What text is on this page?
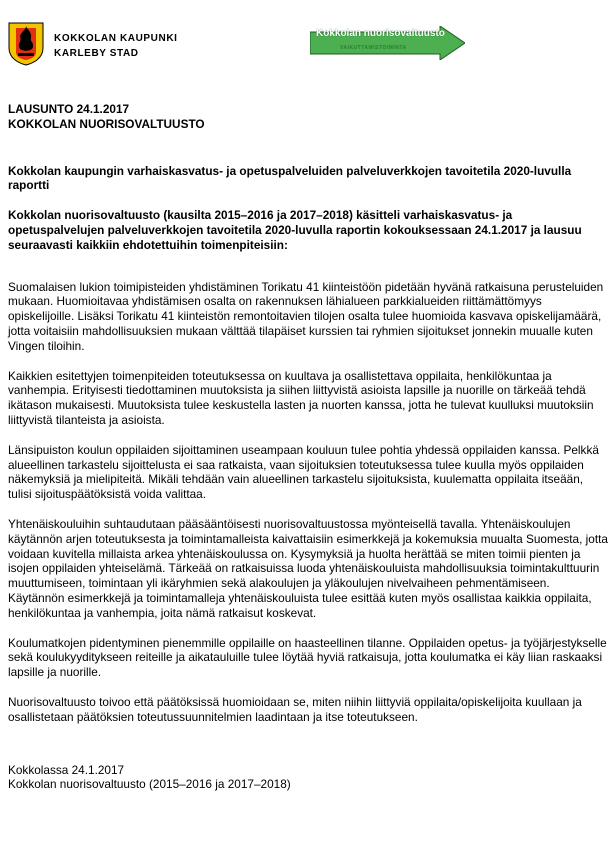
KOKKOLAN KAUPUNKI
KARLEBY STAD
Kokkolan nuorisovaltuusto
VAIKUTTAMISTOIMINTA

LAUSUNTO 24.1.2017

KOKKOLAN NUORISOVALTUUSTO

Kokkolan kaupungin varhaiskasvatus- ja opetuspalveluiden palveluverkkojen tavoitetila 2020-luvulla raportti

Kokkolan nuorisovaltuusto (kausilta 2015–2016 ja 2017–2018) käsitteli varhaiskasvatus- ja opetuspalvelujen palveluverkkojen tavoitetila 2020-luvulla raportin kokouksessaan 24.1.2017 ja lausuu seuraavasti kaikkiin ehdotettuihin toimenpiteisiin:

Suomalaisen lukion toimipisteiden yhdistäminen Torikatu 41 kiinteistöön pidetään hyvänä ratkaisuna perusteluiden mukaan. Huomioitavaa yhdistämisen osalta on rakennuksen lähialueen parkkialueiden riittämättömyys opiskelijoille. Lisäksi Torikatu 41 kiinteistön remontoitavien tilojen osalta tulee huomioida kasvava opiskelijamäärä, jotta voitaisiin mahdollisuuksien mukaan välttää tilapäiset kurssien tai ryhmien sijoitukset jonnekin muualle kuten Vingen tiloihin.

Kaikkien esitettyjen toimenpiteiden toteutuksessa on kuultava ja osallistettava oppilaita, henkilökuntaa ja vanhempia. Erityisesti tiedottaminen muutoksista ja siihen liittyvistä asioista lapsille ja nuorille on tärkeää tehdä ikätason mukaisesti. Muutoksista tulee keskustella lasten ja nuorten kanssa, jotta he tulevat kuulluksi muutoksiin liittyvistä tilanteista ja asioista.

Länsipuiston koulun oppilaiden sijoittaminen useampaan kouluun tulee pohtia yhdessä oppilaiden kanssa. Pelkkä alueellinen tarkastelu sijoittelusta ei saa ratkaista, vaan sijoituksien toteutuksessa tulee kuulla myös oppilaiden näkemyksiä ja mielipiteitä. Mikäli tehdään vain alueellinen tarkastelu sijoituksista, kuulematta oppilaita itseään, tulisi sijoituspäätöksistä voida valittaa.

Yhtenäiskouluihin suhtaudutaan pääsääntöisesti nuorisovaltuustossa myönteisellä tavalla. Yhtenäiskoulujen käytännön arjen toteutuksesta ja toimintamalleista kaivattaisiin esimerkkejä ja kokemuksia muualta Suomesta, jotta voidaan kuvitella millaista arkea yhtenäiskoulussa on. Kysymyksiä ja huolta herättää se miten toimii pienten ja isojen oppilaiden yhteiselämä. Tärkeää on ratkaisuissa luoda yhtenäiskouluista mahdollisuuksia toimintakulttuurin muuttumiseen, toimintaan yli ikäryhmien sekä alakoulujen ja yläkoulujen nivelvaiheen pehmentämiseen. Käytännön esimerkkejä ja toimintamalleja yhtenäiskouluista tulee esittää kuten myös osallistaa kaikkia oppilaita, henkilökuntaa ja vanhempia, joita nämä ratkaisut koskevat.

Koulumatkojen pidentyminen pienemmille oppilaille on haasteellinen tilanne. Oppilaiden opetus- ja työjärjestykselle sekä koulukyyditykseen reiteille ja aikatauluille tulee löytää hyviä ratkaisuja, jotta koulumatka ei käy liian raskaaksi lapsille ja nuorille.

Nuorisovaltuusto toivoo että päätöksissä huomioidaan se, miten niihin liittyviä oppilaita/opiskelijoita kuullaan ja osallistetaan päätöksien toteutussuunnitelmien laadintaan ja itse toteutukseen.

Kokkolassa 24.1.2017

Kokkolan nuorisovaltuusto (2015–2016 ja 2017–2018)
